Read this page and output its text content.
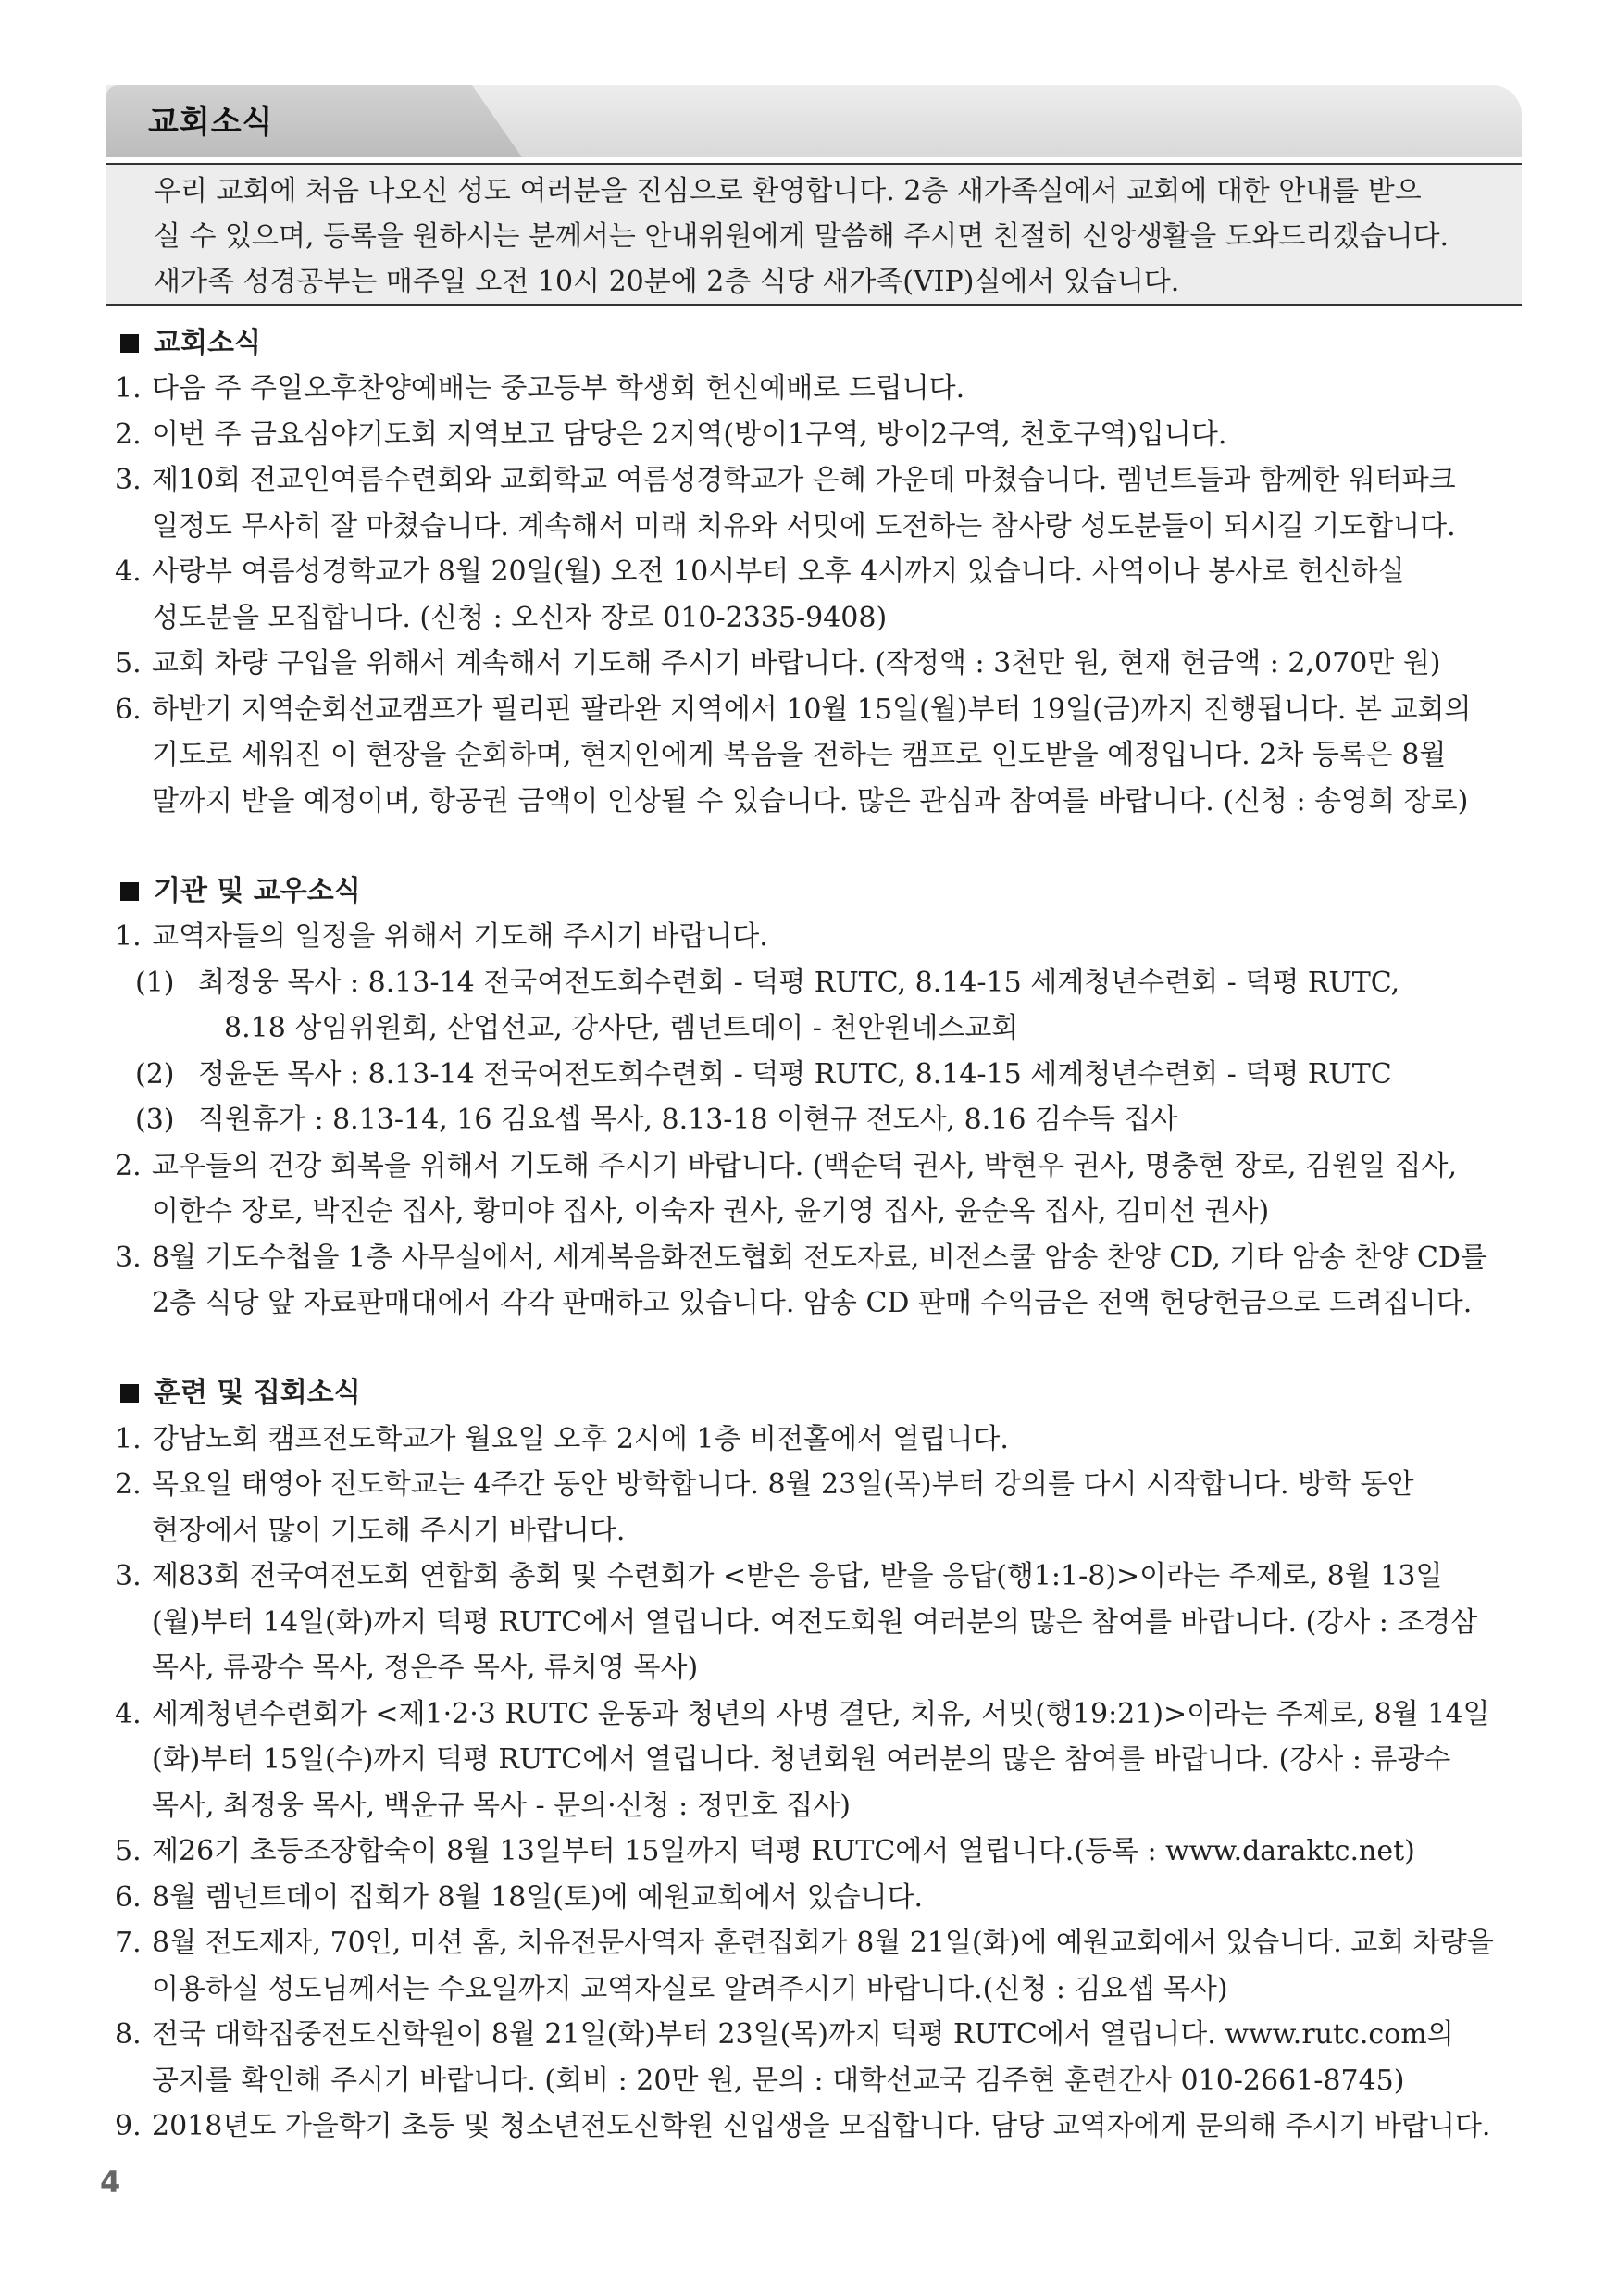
교회소식
우리 교회에 처음 나오신 성도 여러분을 진심으로 환영합니다. 2층 새가족실에서 교회에 대한 안내를 받으
실 수 있으며, 등록을 원하시는 분께서는 안내위원에게 말씀해 주시면 친절히 신앙생활을 도와드리겠습니다.
새가족 성경공부는 매주일 오전 10시 20분에 2층 식당 새가족(VIP)실에서 있습니다.
교회소식
1. 다음 주 주일오후찬양예배는 중고등부 학생회 헌신예배로 드립니다.
2. 이번 주 금요심야기도회 지역보고 담당은 2지역(방이1구역, 방이2구역, 천호구역)입니다.
3. 제10회 전교인여름수련회와 교회학교 여름성경학교가 은혜 가운데 마쳤습니다. 렘넌트들과 함께한 워터파크
일정도 무사히 잘 마쳤습니다. 계속해서 미래 치유와 서밋에 도전하는 참사랑 성도분들이 되시길 기도합니다.
4. 사랑부 여름성경학교가 8월 20일(월) 오전 10시부터 오후 4시까지 있습니다. 사역이나 봉사로 헌신하실
성도분을 모집합니다. (신청 : 오신자 장로 010-2335-9408)
5. 교회 차량 구입을 위해서 계속해서 기도해 주시기 바랍니다. (작정액 : 3천만 원, 현재 헌금액 : 2,070만 원)
6. 하반기 지역순회선교캠프가 필리핀 팔라완 지역에서 10월 15일(월)부터 19일(금)까지 진행됩니다. 본 교회의
기도로 세워진 이 현장을 순회하며, 현지인에게 복음을 전하는 캠프로 인도받을 예정입니다. 2차 등록은 8월
말까지 받을 예정이며, 항공권 금액이 인상될 수 있습니다. 많은 관심과 참여를 바랍니다. (신청 : 송영희 장로)
기관 및 교우소식
1. 교역자들의 일정을 위해서 기도해 주시기 바랍니다.
(1) 최정웅 목사 : 8.13-14 전국여전도회수련회 - 덕평 RUTC, 8.14-15 세계청년수련회 - 덕평 RUTC,
8.18 상임위원회, 산업선교, 강사단, 렘넌트데이 - 천안원네스교회
(2) 정윤돈 목사 : 8.13-14 전국여전도회수련회 - 덕평 RUTC, 8.14-15 세계청년수련회 - 덕평 RUTC
(3) 직원휴가 : 8.13-14, 16 김요셉 목사, 8.13-18 이현규 전도사, 8.16 김수득 집사
2. 교우들의 건강 회복을 위해서 기도해 주시기 바랍니다. (백순덕 권사, 박현우 권사, 명충현 장로, 김원일 집사,
이한수 장로, 박진순 집사, 황미야 집사, 이숙자 권사, 윤기영 집사, 윤순옥 집사, 김미선 권사)
3. 8월 기도수첩을 1층 사무실에서, 세계복음화전도협회 전도자료, 비전스쿨 암송 찬양 CD, 기타 암송 찬양 CD를
2층 식당 앞 자료판매대에서 각각 판매하고 있습니다. 암송 CD 판매 수익금은 전액 헌당헌금으로 드려집니다.
훈련 및 집회소식
1. 강남노회 캠프전도학교가 월요일 오후 2시에 1층 비전홀에서 열립니다.
2. 목요일 태영아 전도학교는 4주간 동안 방학합니다. 8월 23일(목)부터 강의를 다시 시작합니다. 방학 동안
현장에서 많이 기도해 주시기 바랍니다.
3. 제83회 전국여전도회 연합회 총회 및 수련회가 <받은 응답, 받을 응답(행1:1-8)>이라는 주제로, 8월 13일
(월)부터 14일(화)까지 덕평 RUTC에서 열립니다. 여전도회원 여러분의 많은 참여를 바랍니다. (강사 : 조경삼
목사, 류광수 목사, 정은주 목사, 류치영 목사)
4. 세계청년수련회가 <제1·2·3 RUTC 운동과 청년의 사명 결단, 치유, 서밋(행19:21)>이라는 주제로, 8월 14일
(화)부터 15일(수)까지 덕평 RUTC에서 열립니다. 청년회원 여러분의 많은 참여를 바랍니다. (강사 : 류광수
목사, 최정웅 목사, 백운규 목사 - 문의·신청 : 정민호 집사)
5. 제26기 초등조장합숙이 8월 13일부터 15일까지 덕평 RUTC에서 열립니다.(등록 : www.daraktc.net)
6. 8월 렘넌트데이 집회가 8월 18일(토)에 예원교회에서 있습니다.
7. 8월 전도제자, 70인, 미션 홈, 치유전문사역자 훈련집회가 8월 21일(화)에 예원교회에서 있습니다. 교회 차량을
이용하실 성도님께서는 수요일까지 교역자실로 알려주시기 바랍니다.(신청 : 김요셉 목사)
8. 전국 대학집중전도신학원이 8월 21일(화)부터 23일(목)까지 덕평 RUTC에서 열립니다. www.rutc.com의
공지를 확인해 주시기 바랍니다. (회비 : 20만 원, 문의 : 대학선교국 김주현 훈련간사 010-2661-8745)
9. 2018년도 가을학기 초등 및 청소년전도신학원 신입생을 모집합니다. 담당 교역자에게 문의해 주시기 바랍니다.
4
